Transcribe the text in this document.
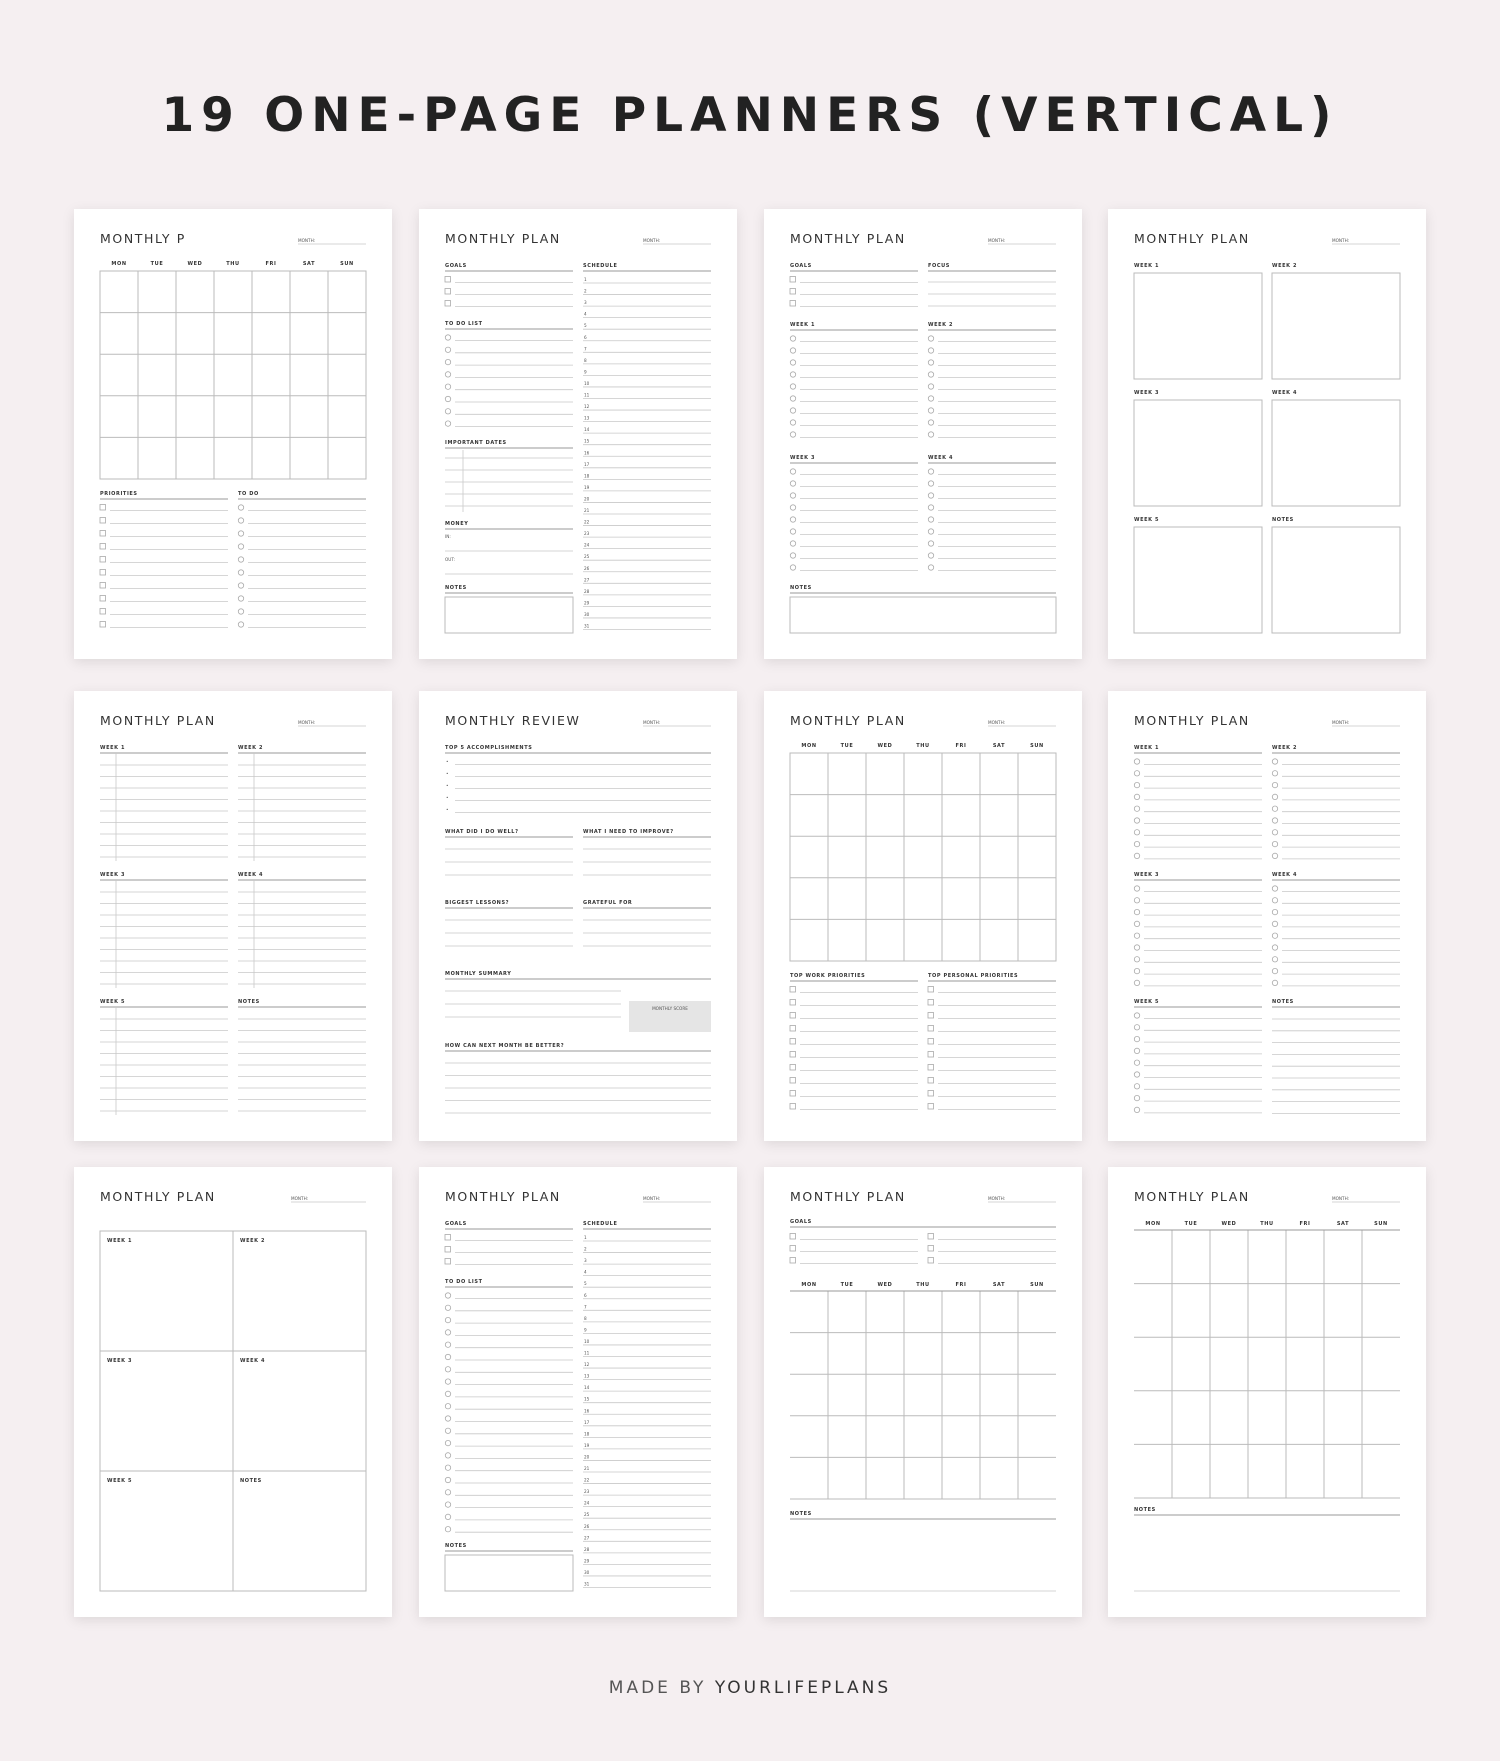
19 ONE-PAGE PLANNERS (VERTICAL)
MONTHLY P	MONTH:
MON	TUE	WED	THU	FRI	SAT	SUN
PRIORITIES	TO DO
MONTHLY PLAN	MONTH:
GOALS	SCHEDULE
TO DO LIST
IMPORTANT DATES
MONEY
IN:
OUT:
NOTES
1
2
3
4
5
6
7
8
9
10
11
12
13
14
15
16
17
18
19
20
21
22
23
24
25
26
27
28
29
30
31
MONTHLY PLAN	MONTH:
GOALS	FOCUS
WEEK 1	WEEK 2
WEEK 3	WEEK 4
NOTES
MONTHLY PLAN	MONTH:
WEEK 1	WEEK 2
WEEK 3	WEEK 4
WEEK 5	NOTES
MONTHLY PLAN	MONTH:
WEEK 1	WEEK 2
WEEK 3	WEEK 4
WEEK 5	NOTES
MONTHLY REVIEW	MONTH:
TOP 5 ACCOMPLISHMENTS
•
•
•
•
•
WHAT DID I DO WELL?	WHAT I NEED TO IMPROVE?
BIGGEST LESSONS?	GRATEFUL FOR
MONTHLY SUMMARY
MONTHLY SCORE
HOW CAN NEXT MONTH BE BETTER?
MONTHLY PLAN	MONTH:
MON	TUE	WED	THU	FRI	SAT	SUN
TOP WORK PRIORITIES	TOP PERSONAL PRIORITIES
MONTHLY PLAN	MONTH:
WEEK 1	WEEK 2
WEEK 3	WEEK 4
WEEK 5	NOTES
MONTHLY PLAN	MONTH:
WEEK 1	WEEK 2
WEEK 3	WEEK 4
WEEK 5	NOTES
MONTHLY PLAN	MONTH:
GOALS	SCHEDULE
TO DO LIST
NOTES
1
2
3
4
5
6
7
8
9
10
11
12
13
14
15
16
17
18
19
20
21
22
23
24
25
26
27
28
29
30
31
MONTHLY PLAN	MONTH:
GOALS
MON	TUE	WED	THU	FRI	SAT	SUN
NOTES
MONTHLY PLAN	MONTH:
MON	TUE	WED	THU	FRI	SAT	SUN
NOTES
MADE BY YOURLIFEPLANS
